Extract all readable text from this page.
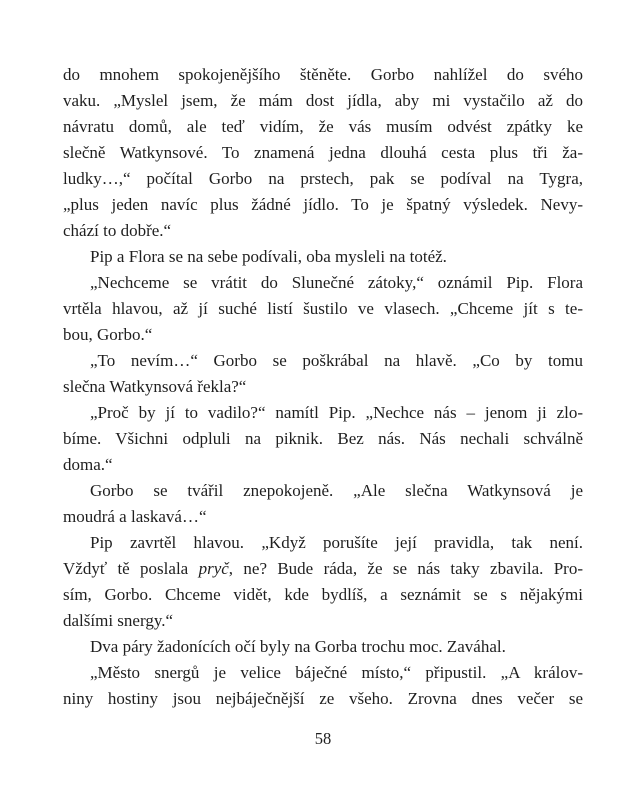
do mnohem spokojenějšího štěněte. Gorbo nahlížel do svého
vaku. „Myslel jsem, že mám dost jídla, aby mi vystačilo až do
návratu domů, ale teď vidím, že vás musím odvést zpátky ke
slečně Watkynsové. To znamená jedna dlouhá cesta plus tři ža-
ludky…,“ počítal Gorbo na prstech, pak se podíval na Tygra,
„plus jeden navíc plus žádné jídlo. To je špatný výsledek. Nevy-
chází to dobře.“
Pip a Flora se na sebe podívali, oba mysleli na totéž.
„Nechceme se vrátit do Slunečné zátoky,“ oznámil Pip. Flora
vrtěla hlavou, až jí suché listí šustilo ve vlasech. „Chceme jít s te-
bou, Gorbo.“
„To nevím…“ Gorbo se poškrábal na hlavě. „Co by tomu
slečna Watkynsová řekla?“
„Proč by jí to vadilo?“ namítl Pip. „Nechce nás – jenom ji zlo-
bíme. Všichni odpluli na piknik. Bez nás. Nás nechali schválně
doma.“
Gorbo se tvářil znepokojeně. „Ale slečna Watkynsová je
moudrá a laskavá…“
Pip zavrtěl hlavou. „Když porušíte její pravidla, tak není.
Vždyť tě poslala pryč, ne? Bude ráda, že se nás taky zbavila. Pro-
sím, Gorbo. Chceme vidět, kde bydlíš, a seznámit se s nějakými
dalšími snergy.“
Dva páry žadonících očí byly na Gorba trochu moc. Zaváhal.
„Město snergů je velice báječné místo,“ připustil. „A králov-
niny hostiny jsou nejbáječnější ze všeho. Zrovna dnes večer se
58
